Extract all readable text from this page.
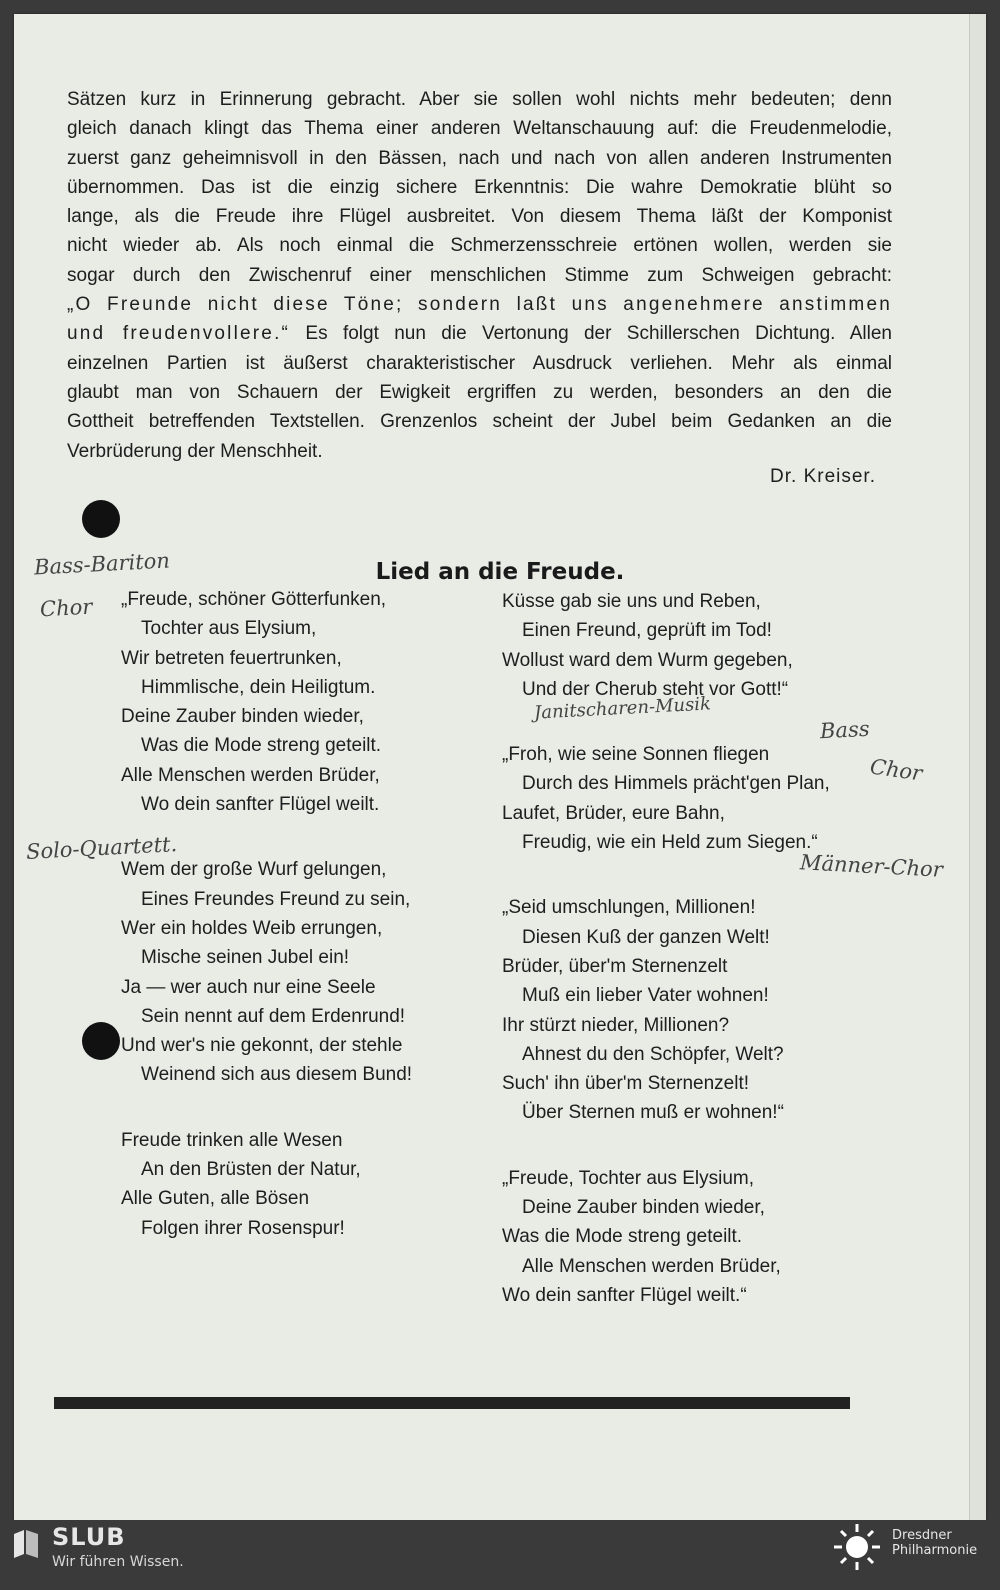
Sätzen kurz in Erinnerung gebracht. Aber sie sollen wohl nichts mehr bedeuten; denn
gleich danach klingt das Thema einer anderen Weltanschauung auf: die Freudenmelodie,
zuerst ganz geheimnisvoll in den Bässen, nach und nach von allen anderen Instrumenten
übernommen. Das ist die einzig sichere Erkenntnis: Die wahre Demokratie blüht so
lange, als die Freude ihre Flügel ausbreitet. Von diesem Thema läßt der Komponist
nicht wieder ab. Als noch einmal die Schmerzensschreie ertönen wollen, werden sie
sogar durch den Zwischenruf einer menschlichen Stimme zum Schweigen gebracht:
„O Freunde nicht diese Töne; sondern laßt uns angenehmere anstimmen
und freudenvollere.“ Es folgt nun die Vertonung der Schillerschen Dichtung. Allen
einzelnen Partien ist äußerst charakteristischer Ausdruck verliehen. Mehr als einmal
glaubt man von Schauern der Ewigkeit ergriffen zu werden, besonders an den die
Gottheit betreffenden Textstellen. Grenzenlos scheint der Jubel beim Gedanken an die
Verbrüderung der Menschheit.
Dr. Kreiser.
Lied an die Freude.
„Freude, schöner Götterfunken,
Tochter aus Elysium,
Wir betreten feuertrunken,
Himmlische, dein Heiligtum.
Deine Zauber binden wieder,
Was die Mode streng geteilt.
Alle Menschen werden Brüder,
Wo dein sanfter Flügel weilt.
Wem der große Wurf gelungen,
Eines Freundes Freund zu sein,
Wer ein holdes Weib errungen,
Mische seinen Jubel ein!
Ja — wer auch nur eine Seele
Sein nennt auf dem Erdenrund!
Und wer's nie gekonnt, der stehle
Weinend sich aus diesem Bund!
Freude trinken alle Wesen
An den Brüsten der Natur,
Alle Guten, alle Bösen
Folgen ihrer Rosenspur!
Küsse gab sie uns und Reben,
Einen Freund, geprüft im Tod!
Wollust ward dem Wurm gegeben,
Und der Cherub steht vor Gott!“
„Froh, wie seine Sonnen fliegen
Durch des Himmels prächt'gen Plan,
Laufet, Brüder, eure Bahn,
Freudig, wie ein Held zum Siegen.“
„Seid umschlungen, Millionen!
Diesen Kuß der ganzen Welt!
Brüder, über'm Sternenzelt
Muß ein lieber Vater wohnen!
Ihr stürzt nieder, Millionen?
Ahnest du den Schöpfer, Welt?
Such' ihn über'm Sternenzelt!
Über Sternen muß er wohnen!“
„Freude, Tochter aus Elysium,
Deine Zauber binden wieder,
Was die Mode streng geteilt.
Alle Menschen werden Brüder,
Wo dein sanfter Flügel weilt.“
Bass-Bariton
Chor
Janitscharen-Musik
Bass
Chor
Solo-Quartett.
Männer-Chor
SLUB
Wir führen Wissen.
Dresdner
Philharmonie
